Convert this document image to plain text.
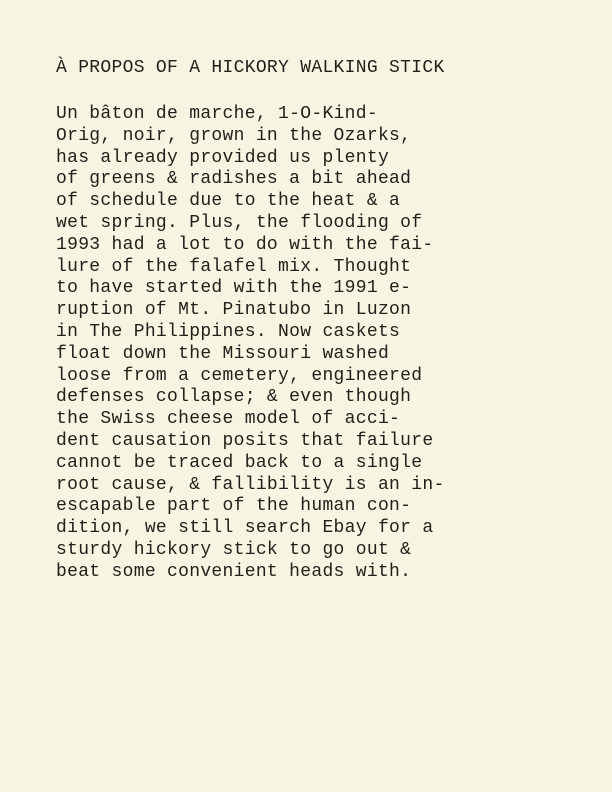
À PROPOS OF A HICKORY WALKING STICK
Un bâton de marche, 1-O-Kind-
Orig, noir, grown in the Ozarks,
has already provided us plenty
of greens & radishes a bit ahead
of schedule due to the heat & a
wet spring. Plus, the flooding of
1993 had a lot to do with the fai-
lure of the falafel mix. Thought
to have started with the 1991 e-
ruption of Mt. Pinatubo in Luzon
in The Philippines. Now caskets
float down the Missouri washed
loose from a cemetery, engineered
defenses collapse; & even though
the Swiss cheese model of acci-
dent causation posits that failure
cannot be traced back to a single
root cause, & fallibility is an in-
escapable part of the human con-
dition, we still search Ebay for a
sturdy hickory stick to go out &
beat some convenient heads with.
